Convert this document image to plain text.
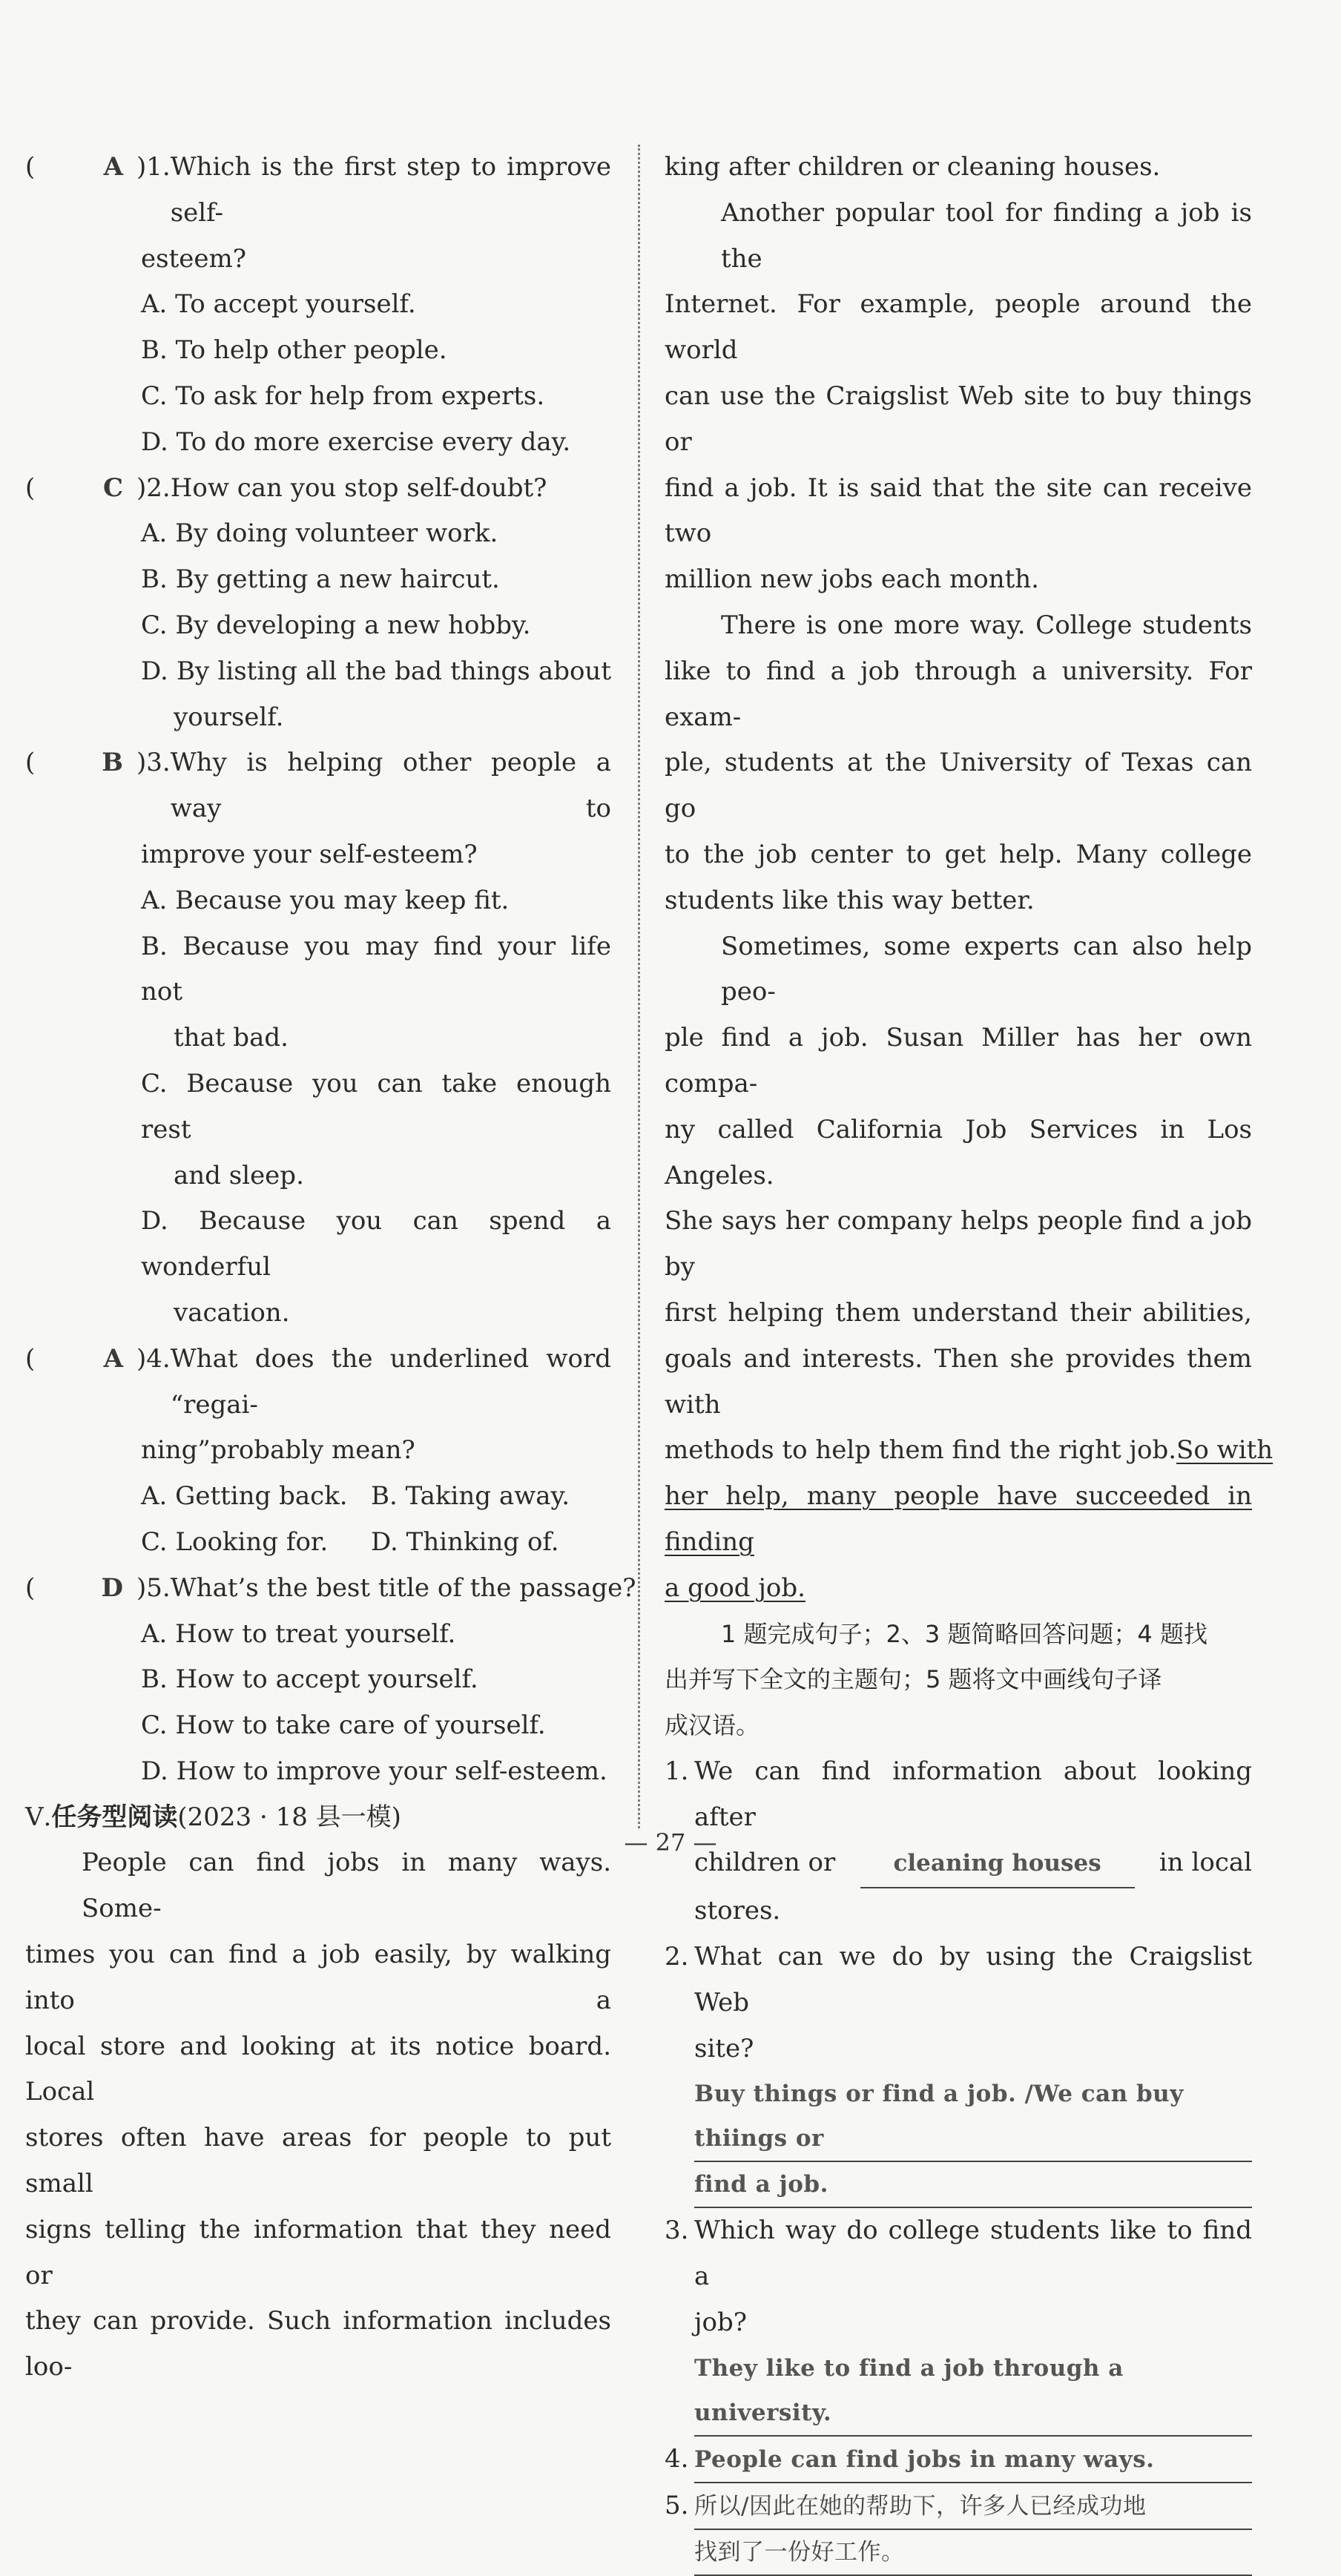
(	A )1. Which is the first step to improve self-
esteem?
A. To accept yourself.
B. To help other people.
C. To ask for help from experts.
D. To do more exercise every day.
(	C )2. How can you stop self-doubt?
A. By doing volunteer work.
B. By getting a new haircut.
C. By developing a new hobby.
D. By listing all the bad things about
yourself.
(	B )3. Why is helping other people a way to
improve your self-esteem?
A. Because you may keep fit.
B. Because you may find your life not
that bad.
C. Because you can take enough rest
and sleep.
D. Because you can spend a wonderful
vacation.
(	A )4. What does the underlined word “regai-
ning”probably mean?
A. Getting back. B. Taking away.
C. Looking for.	D. Thinking of.
(	D )5. What’s the best title of the passage?
A. How to treat yourself.
B. How to accept yourself.
C. How to take care of yourself.
D. How to improve your self-esteem.
Ⅴ.任务型阅读(2023 · 18 县一模)
People can find jobs in many ways. Some-
times you can find a job easily, by walking into a
local store and looking at its notice board. Local
stores often have areas for people to put small
signs telling the information that they need or
they can provide. Such information includes loo-
king after children or cleaning houses.
Another popular tool for finding a job is the
Internet. For example, people around the world
can use the Craigslist Web site to buy things or
find a job. It is said that the site can receive two
million new jobs each month.
There is one more way. College students
like to find a job through a university. For exam-
ple, students at the University of Texas can go
to the job center to get help. Many college
students like this way better.
Sometimes, some experts can also help peo-
ple find a job. Susan Miller has her own compa-
ny called California Job Services in Los Angeles.
She says her company helps people find a job by
first helping them understand their abilities,
goals and interests. Then she provides them with
methods to help them find the right job. So with
her help, many people have succeeded in finding
a good job.
1 题完成句子；2、3 题简略回答问题；4 题找
出并写下全文的主题句；5 题将文中画线句子译
成汉语。
1. We can find information about looking after
children or	cleaning houses	in local
stores.
2. What can we do by using the Craigslist Web
site?
Buy things or find a job. /We can buy thiings or
find a job.
3. Which way do college students like to find a
job?
They like to find a job through a university.
4. People can find jobs in many ways.
5. 所以/因此在她的帮助下，许多人已经成功地
找到了一份好工作。
— 27 —
